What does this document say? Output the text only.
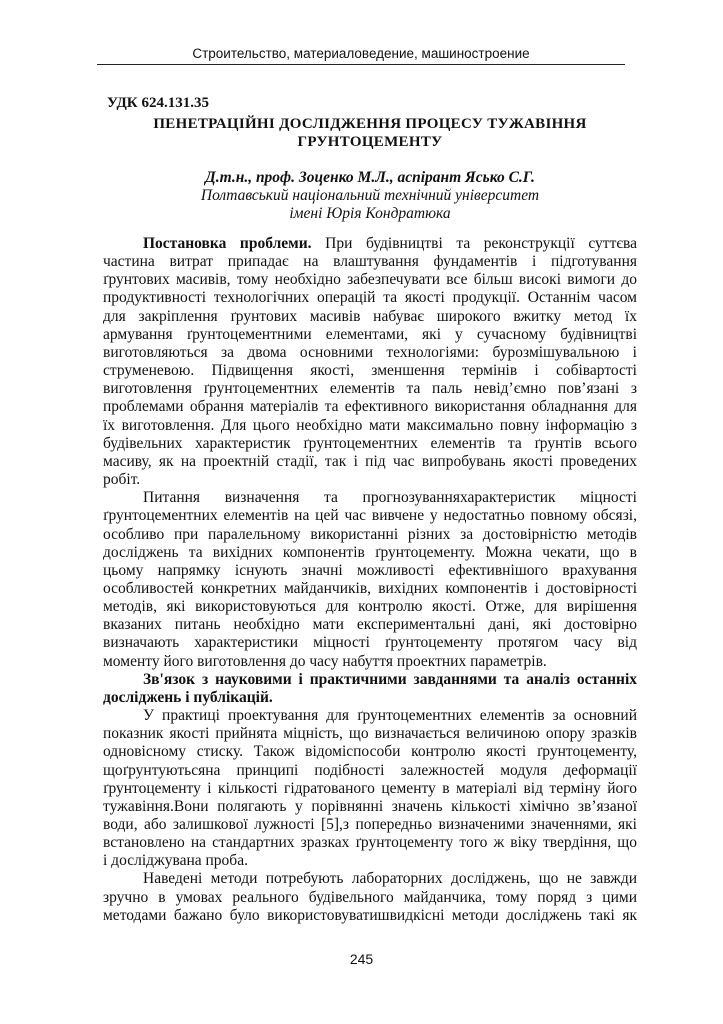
Строительство, материаловедение, машиностроение
УДК 624.131.35
ПЕНЕТРАЦІЙНІ ДОСЛІДЖЕННЯ ПРОЦЕСУ ТУЖАВІННЯ
ГРУНТОЦЕМЕНТУ
Д.т.н., проф. Зоценко М.Л., аспірант Ясько С.Г.
Полтавський національний технічний університет
імені Юрія Кондратюка
Постановка проблеми. При будівництві та реконструкції суттєва
частина витрат припадає на влаштування фундаментів і підготування
ґрунтових масивів, тому необхідно забезпечувати все більш високі вимоги до
продуктивності технологічних операцій та якості продукції. Останнім часом
для закріплення ґрунтових масивів набуває широкого вжитку метод їх
армування ґрунтоцементними елементами, які у сучасному будівництві
виготовляються за двома основними технологіями: бурозмішувальною і
струменевою. Підвищення якості, зменшення термінів і собівартості
виготовлення ґрунтоцементних елементів та паль невід’ємно пов’язані з
проблемами обрання матеріалів та ефективного використання обладнання для
їх виготовлення. Для цього необхідно мати максимально повну інформацію з
будівельних характеристик ґрунтоцементних елементів та ґрунтів всього
масиву, як на проектній стадії, так і під час випробувань якості проведених
робіт.
Питання визначення та прогнозуванняхарактеристик міцності
ґрунтоцементних елементів на цей час вивчене у недостатньо повному обсязі,
особливо при паралельному використанні різних за достовірністю методів
досліджень та вихідних компонентів ґрунтоцементу. Можна чекати, що в
цьому напрямку існують значні можливості ефективнішого врахування
особливостей конкретних майданчиків, вихідних компонентів і достовірності
методів, які використовуються для контролю якості. Отже, для вирішення
вказаних питань необхідно мати експериментальні дані, які достовірно
визначають характеристики міцності ґрунтоцементу протягом часу від
моменту його виготовлення до часу набуття проектних параметрів.
Зв'язок з науковими і практичними завданнями та аналіз останніх
досліджень і публікацій.
У практиці проектування для ґрунтоцементних елементів за основний
показник якості прийнята міцність, що визначається величиною опору зразків
одновісному стиску. Також відоміспособи контролю якості ґрунтоцементу,
щоґрунтуютьсяна принципі подібності залежностей модуля деформації
ґрунтоцементу і кількості гідратованого цементу в матеріалі від терміну його
тужавіння.Вони полягають у порівнянні значень кількості хімічно зв’язаної
води, або залишкової лужності [5],з попередньо визначеними значеннями, які
встановлено на стандартних зразках ґрунтоцементу того ж віку твердіння, що
і досліджувана проба.
Наведені методи потребують лабораторних досліджень, що не завжди
зручно в умовах реального будівельного майданчика, тому поряд з цими
методами бажано було використовуватишвидкісні методи досліджень такі як
245
